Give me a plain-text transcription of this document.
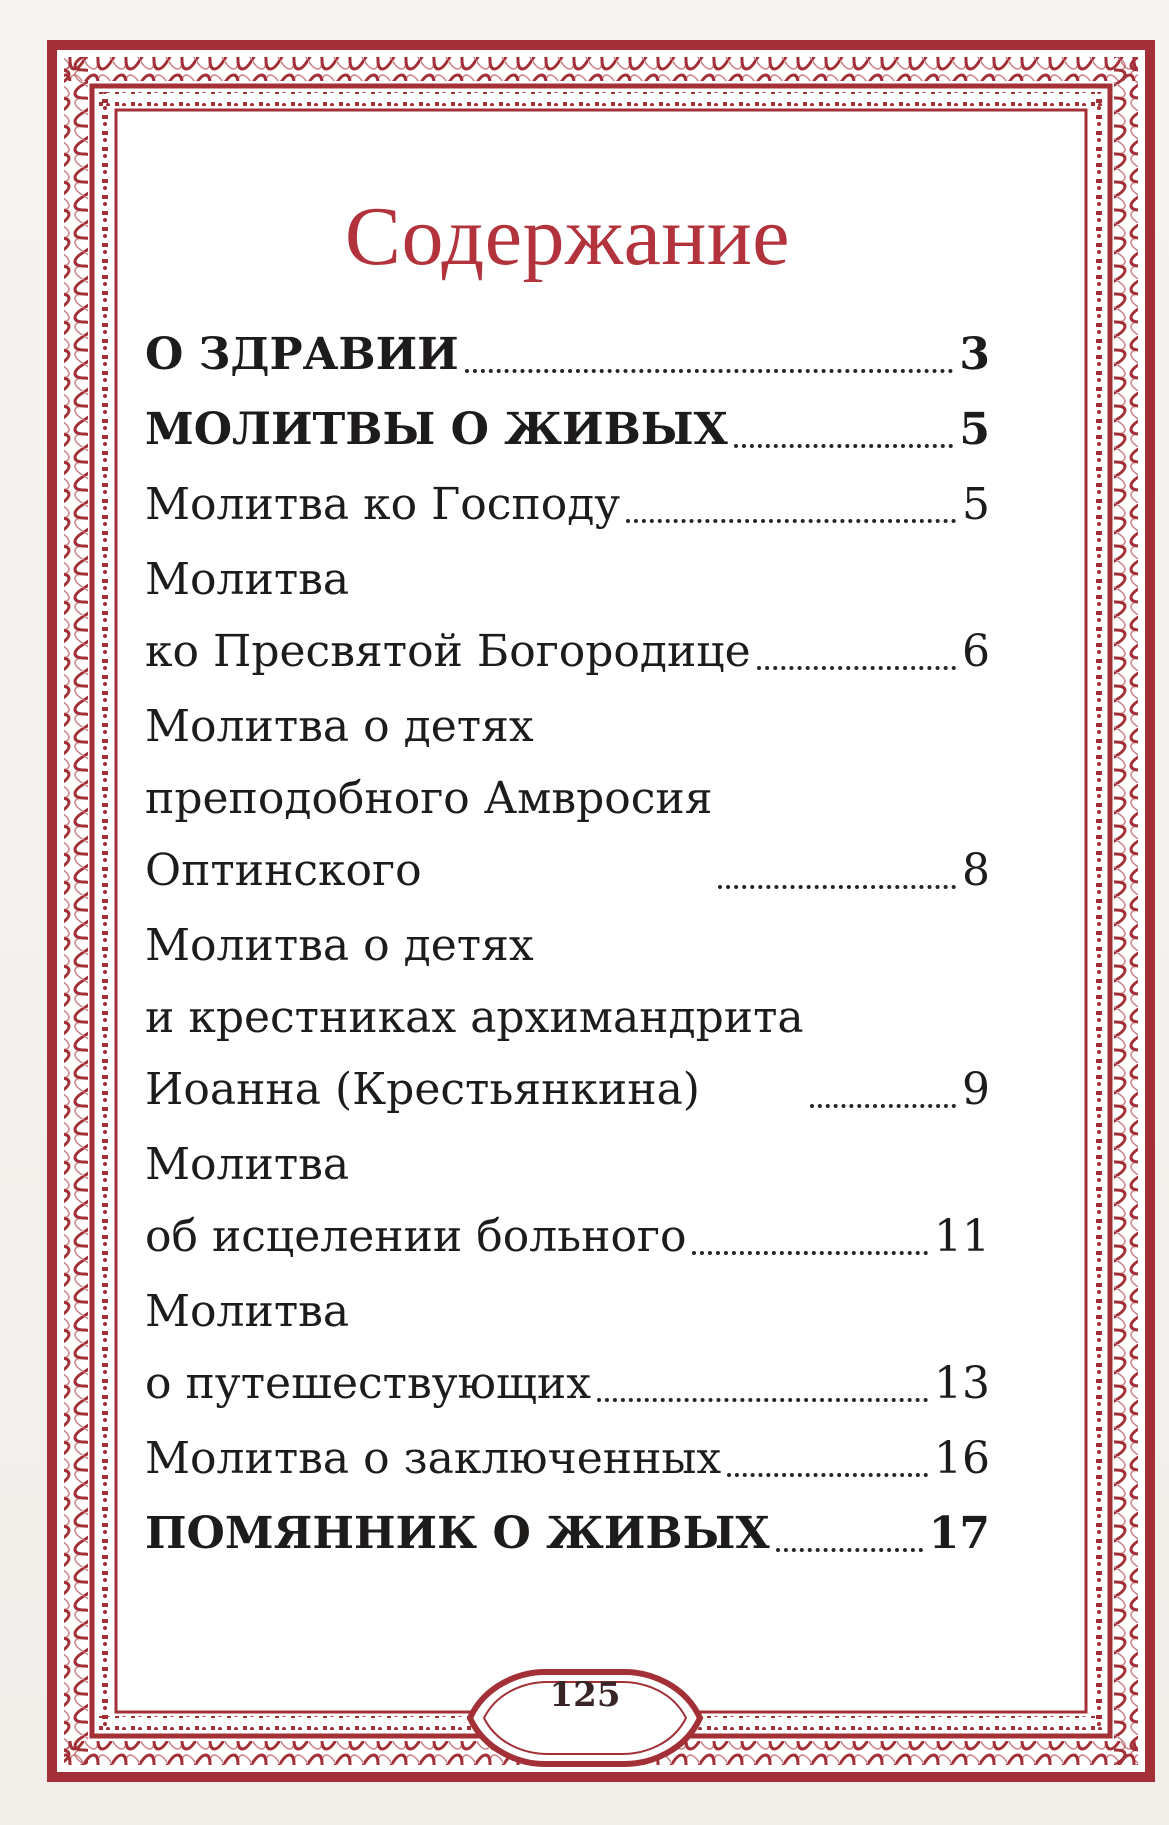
Содержание
О ЗДРАВИИ	3
МОЛИТВЫ О ЖИВЫХ	5
Молитва ко Господу	5
Молитва
ко Пресвятой Богородице	6
Молитва о детях
преподобного Амвросия
Оптинского	8
Молитва о детях
и крестниках архимандрита
Иоанна (Крестьянкина)	9
Молитва
об исцелении больного	11
Молитва
о путешествующих	13
Молитва о заключенных	16
ПОМЯННИК О ЖИВЫХ	17
125
